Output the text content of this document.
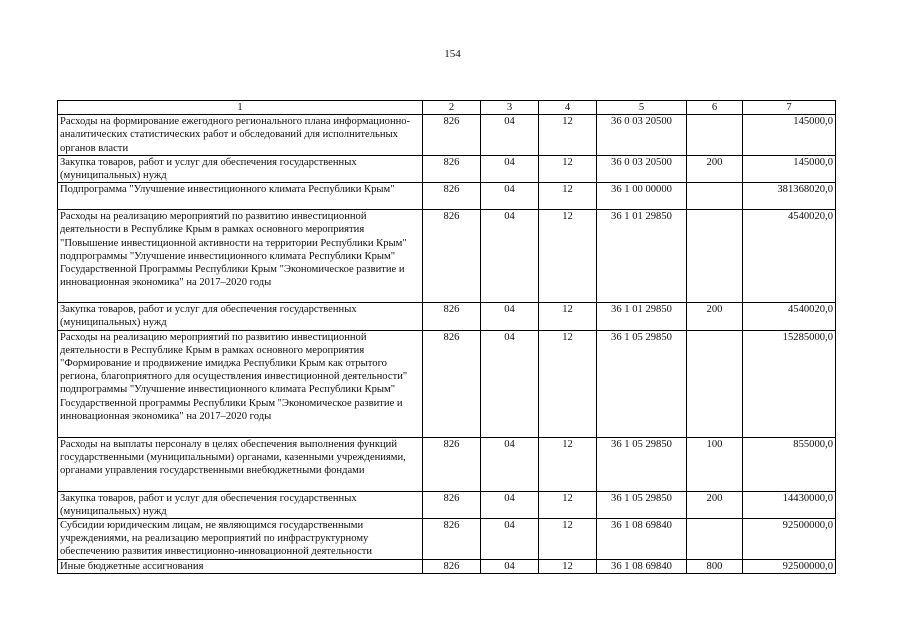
154
1	2	3	4	5	6	7
Расходы на формирование ежегодного регионального плана информационно-аналитических статистических работ и обследований для исполнительных органов власти	826	04	12	36 0 03 20500		145000,0
Закупка товаров, работ и услуг для обеспечения государственных (муниципальных) нужд	826	04	12	36 0 03 20500	200	145000,0
Подпрограмма "Улучшение инвестиционного климата Республики Крым"	826	04	12	36 1 00 00000		381368020,0
Расходы на реализацию мероприятий по развитию инвестиционной деятельности в Республике Крым в рамках основного мероприятия "Повышение инвестиционной активности на территории Республики Крым" подпрограммы "Улучшение инвестиционного климата Республики Крым" Государственной Программы Республики Крым "Экономическое развитие и инновационная экономика" на 2017–2020 годы	826	04	12	36 1 01 29850		4540020,0
Закупка товаров, работ и услуг для обеспечения государственных (муниципальных) нужд	826	04	12	36 1 01 29850	200	4540020,0
Расходы на реализацию мероприятий по развитию инвестиционной деятельности в Республике Крым в рамках основного мероприятия "Формирование и продвижение имиджа Республики Крым как отрытого региона, благоприятного для осуществления инвестиционной деятельности" подпрограммы "Улучшение инвестиционного климата Республики Крым" Государственной программы Республики Крым "Экономическое развитие и инновационная экономика" на 2017–2020 годы	826	04	12	36 1 05 29850		15285000,0
Расходы на выплаты персоналу в целях обеспечения выполнения функций государственными (муниципальными) органами, казенными учреждениями, органами управления государственными внебюджетными фондами	826	04	12	36 1 05 29850	100	855000,0
Закупка товаров, работ и услуг для обеспечения государственных (муниципальных) нужд	826	04	12	36 1 05 29850	200	14430000,0
Субсидии юридическим лицам, не являющимся государственными учреждениями, на реализацию мероприятий по инфраструктурному обеспечению развития инвестиционно-инновационной деятельности	826	04	12	36 1 08 69840		92500000,0
Иные бюджетные ассигнования	826	04	12	36 1 08 69840	800	92500000,0
